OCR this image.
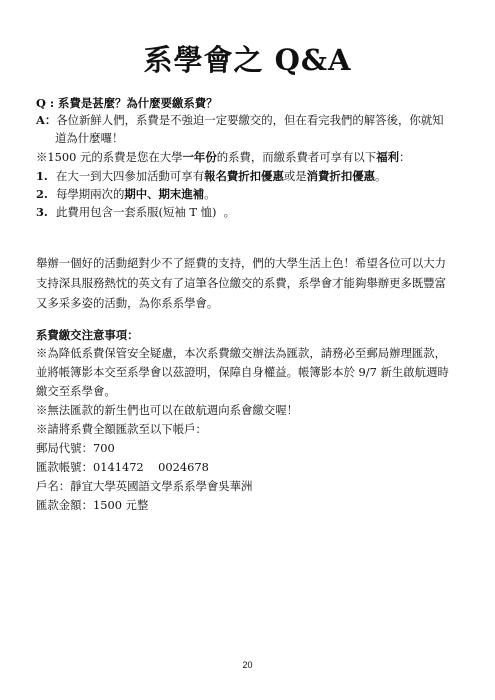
系學會之 Q&A
Q : 系費是甚麼？為什麼要繳系費？
A：各位新鮮人們，系費是不強迫一定要繳交的，但在看完我們的解答後，你就知
道為什麼囉！
※1500 元的系費是您在大學一年份的系費，而繳系費者可享有以下福利：
1. 在大一到大四參加活動可享有報名費折扣優惠或是消費折扣優惠。
2. 每學期兩次的期中、期末進補。
3. 此費用包含一套系服(短袖 T 恤)  。
舉辦一個好的活動絕對少不了經費的支持，們的大學生活上色！希望各位可以大力
支持深具服務熱忱的英文有了這筆各位繳交的系費，系學會才能夠舉辦更多既豐富
又多采多姿的活動，為你系系學會。
系費繳交注意事項：
※為降低系費保管安全疑慮，本次系費繳交辦法為匯款，請務必至郵局辦理匯款，
並將帳簿影本交至系學會以茲證明，保障自身權益。帳簿影本於 9/7 新生啟航週時
繳交至系學會。
※無法匯款的新生們也可以在啟航週向系會繳交喔！
※請將系費全額匯款至以下帳戶：
郵局代號：700
匯款帳號：0141472    0024678
戶名：靜宜大學英國語文學系系學會吳華洲
匯款金額：1500 元整
20
